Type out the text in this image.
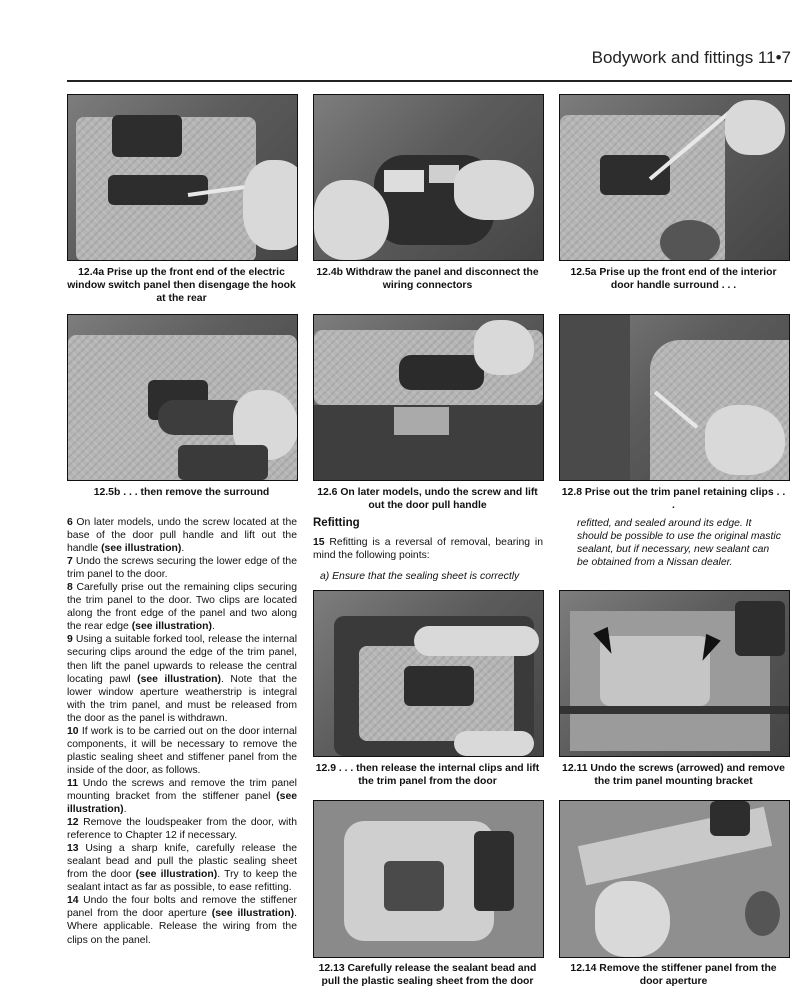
Bodywork and fittings 11•7
12.4a Prise up the front end of the electric window switch panel then disengage the hook at the rear
12.4b Withdraw the panel and disconnect the wiring connectors
12.5a Prise up the front end of the interior door handle surround . . .
12.5b . . . then remove the surround	12.6 On later models, undo the screw and lift out the door pull handle
12.8 Prise out the trim panel retaining clips . . .

6 On later models, undo the screw located at the base of the door pull handle and lift out the handle (see illustration).

7 Undo the screws securing the lower edge of the trim panel to the door.

8 Carefully prise out the remaining clips securing the trim panel to the door. Two clips are located along the front edge of the panel and two along the rear edge (see illustration).

9 Using a suitable forked tool, release the internal securing clips around the edge of the trim panel, then lift the panel upwards to release the central locating pawl (see illustration). Note that the lower window aperture weatherstrip is integral with the trim panel, and must be released from the door as the panel is withdrawn.

10 If work is to be carried out on the door internal components, it will be necessary to remove the plastic sealing sheet and stiffener panel from the inside of the door, as follows.

11 Undo the screws and remove the trim panel mounting bracket from the stiffener panel (see illustration).

12 Remove the loudspeaker from the door, with reference to Chapter 12 if necessary.

13 Using a sharp knife, carefully release the sealant bead and pull the plastic sealing sheet from the door (see illustration). Try to keep the sealant intact as far as possible, to ease refitting.

14 Undo the four bolts and remove the stiffener panel from the door aperture (see illustration). Where applicable. Release the wiring from the clips on the panel.

Refitting

15 Refitting is a reversal of removal, bearing in mind the following points:

a) Ensure that the sealing sheet is correctly
refitted, and sealed around its edge. It should be possible to use the original mastic sealant, but if necessary, new sealant can be obtained from a Nissan dealer.
12.9 . . . then release the internal clips and lift the trim panel from the door
12.11 Undo the screws (arrowed) and remove the trim panel mounting bracket
12.13 Carefully release the sealant bead and pull the plastic sealing sheet from the door
12.14 Remove the stiffener panel from the door aperture
